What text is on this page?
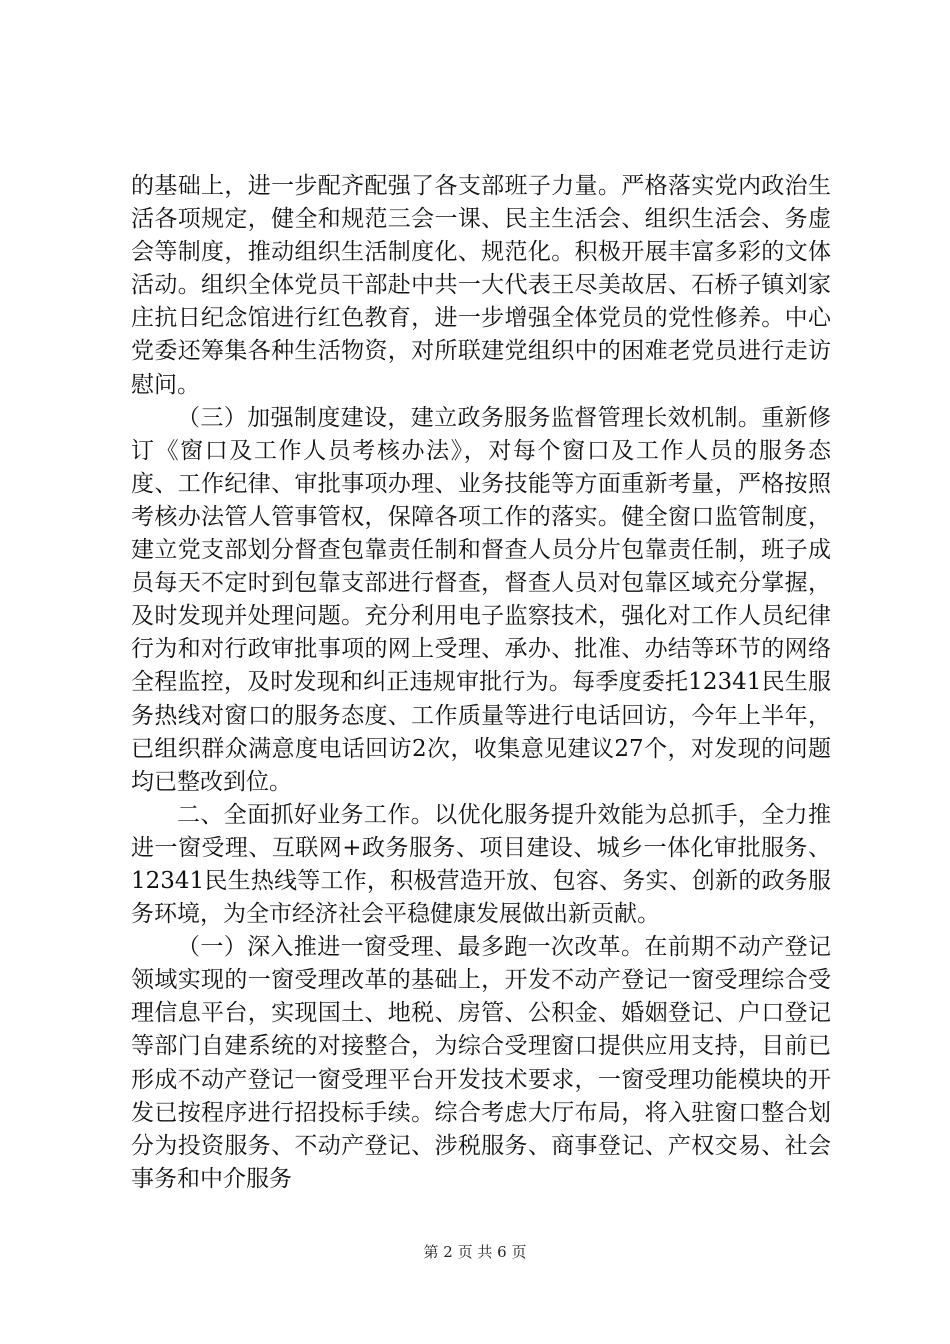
的基础上，进一步配齐配强了各支部班子力量。严格落实党内政治生活各项规定，健全和规范三会一课、民主生活会、组织生活会、务虚会等制度，推动组织生活制度化、规范化。积极开展丰富多彩的文体活动。组织全体党员干部赴中共一大代表王尽美故居、石桥子镇刘家庄抗日纪念馆进行红色教育，进一步增强全体党员的党性修养。中心党委还筹集各种生活物资，对所联建党组织中的困难老党员进行走访慰问。

（三）加强制度建设，建立政务服务监督管理长效机制。重新修订《窗口及工作人员考核办法》，对每个窗口及工作人员的服务态度、工作纪律、审批事项办理、业务技能等方面重新考量，严格按照考核办法管人管事管权，保障各项工作的落实。健全窗口监管制度，建立党支部划分督查包靠责任制和督查人员分片包靠责任制，班子成员每天不定时到包靠支部进行督查，督查人员对包靠区域充分掌握，及时发现并处理问题。充分利用电子监察技术，强化对工作人员纪律行为和对行政审批事项的网上受理、承办、批准、办结等环节的网络全程监控，及时发现和纠正违规审批行为。每季度委托12341民生服务热线对窗口的服务态度、工作质量等进行电话回访，今年上半年，已组织群众满意度电话回访2次，收集意见建议27个，对发现的问题均已整改到位。

二、全面抓好业务工作。以优化服务提升效能为总抓手，全力推进一窗受理、互联网+政务服务、项目建设、城乡一体化审批服务、12341民生热线等工作，积极营造开放、包容、务实、创新的政务服务环境，为全市经济社会平稳健康发展做出新贡献。

（一）深入推进一窗受理、最多跑一次改革。在前期不动产登记领域实现的一窗受理改革的基础上，开发不动产登记一窗受理综合受理信息平台，实现国土、地税、房管、公积金、婚姻登记、户口登记等部门自建系统的对接整合，为综合受理窗口提供应用支持，目前已形成不动产登记一窗受理平台开发技术要求，一窗受理功能模块的开发已按程序进行招投标手续。综合考虑大厅布局，将入驻窗口整合划分为投资服务、不动产登记、涉税服务、商事登记、产权交易、社会事务和中介服务

第 2 页 共 6 页
